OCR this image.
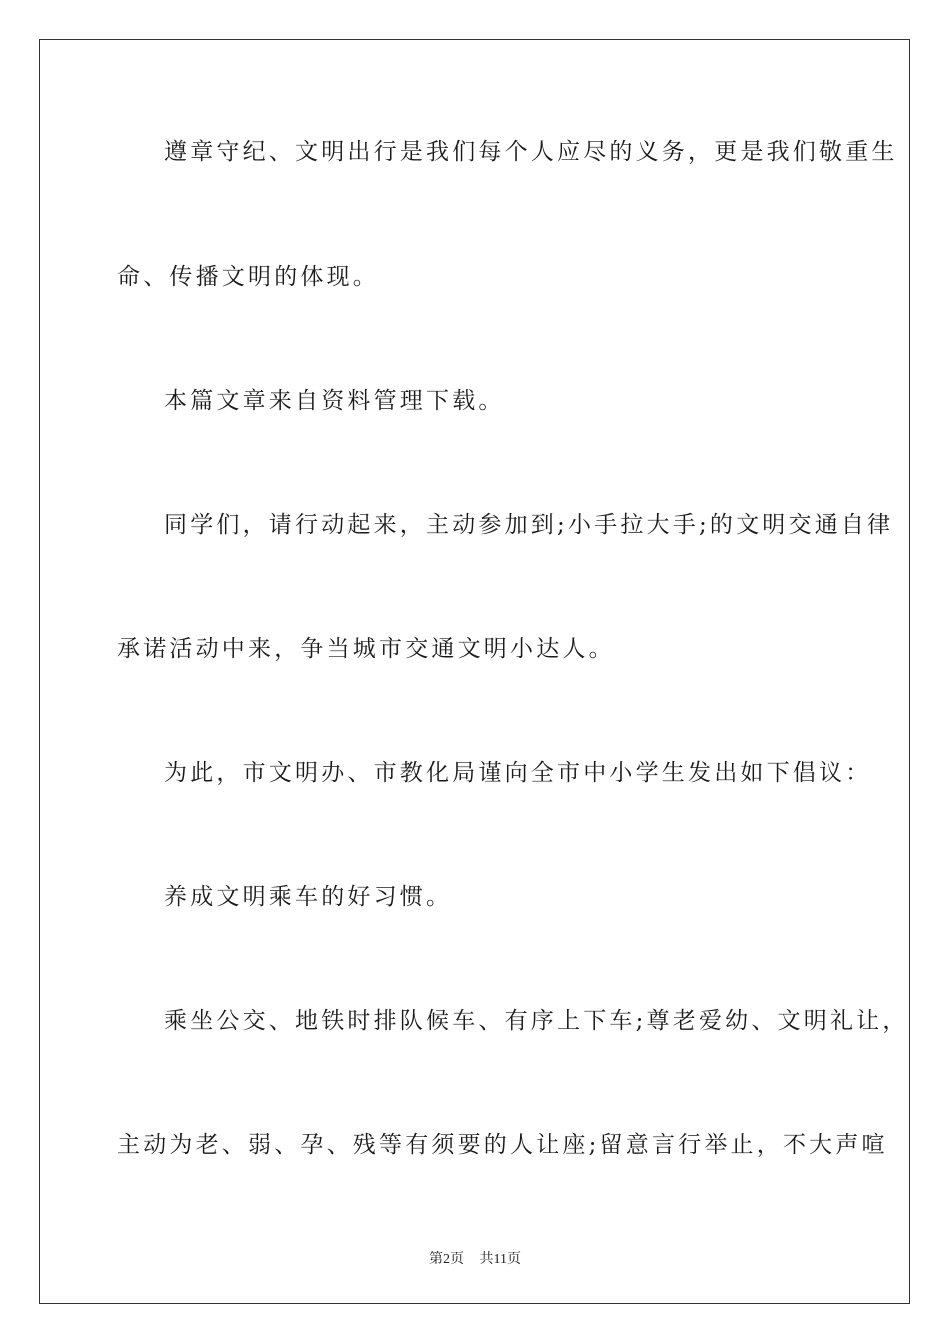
遵章守纪、文明出行是我们每个人应尽的义务，更是我们敬重生
命、传播文明的体现。
本篇文章来自资料管理下载。
同学们，请行动起来，主动参加到;小手拉大手;的文明交通自律
承诺活动中来，争当城市交通文明小达人。
为此，市文明办、市教化局谨向全市中小学生发出如下倡议：
养成文明乘车的好习惯。
乘坐公交、地铁时排队候车、有序上下车;尊老爱幼、文明礼让，
主动为老、弱、孕、残等有须要的人让座;留意言行举止，不大声喧
第2页 共11页
